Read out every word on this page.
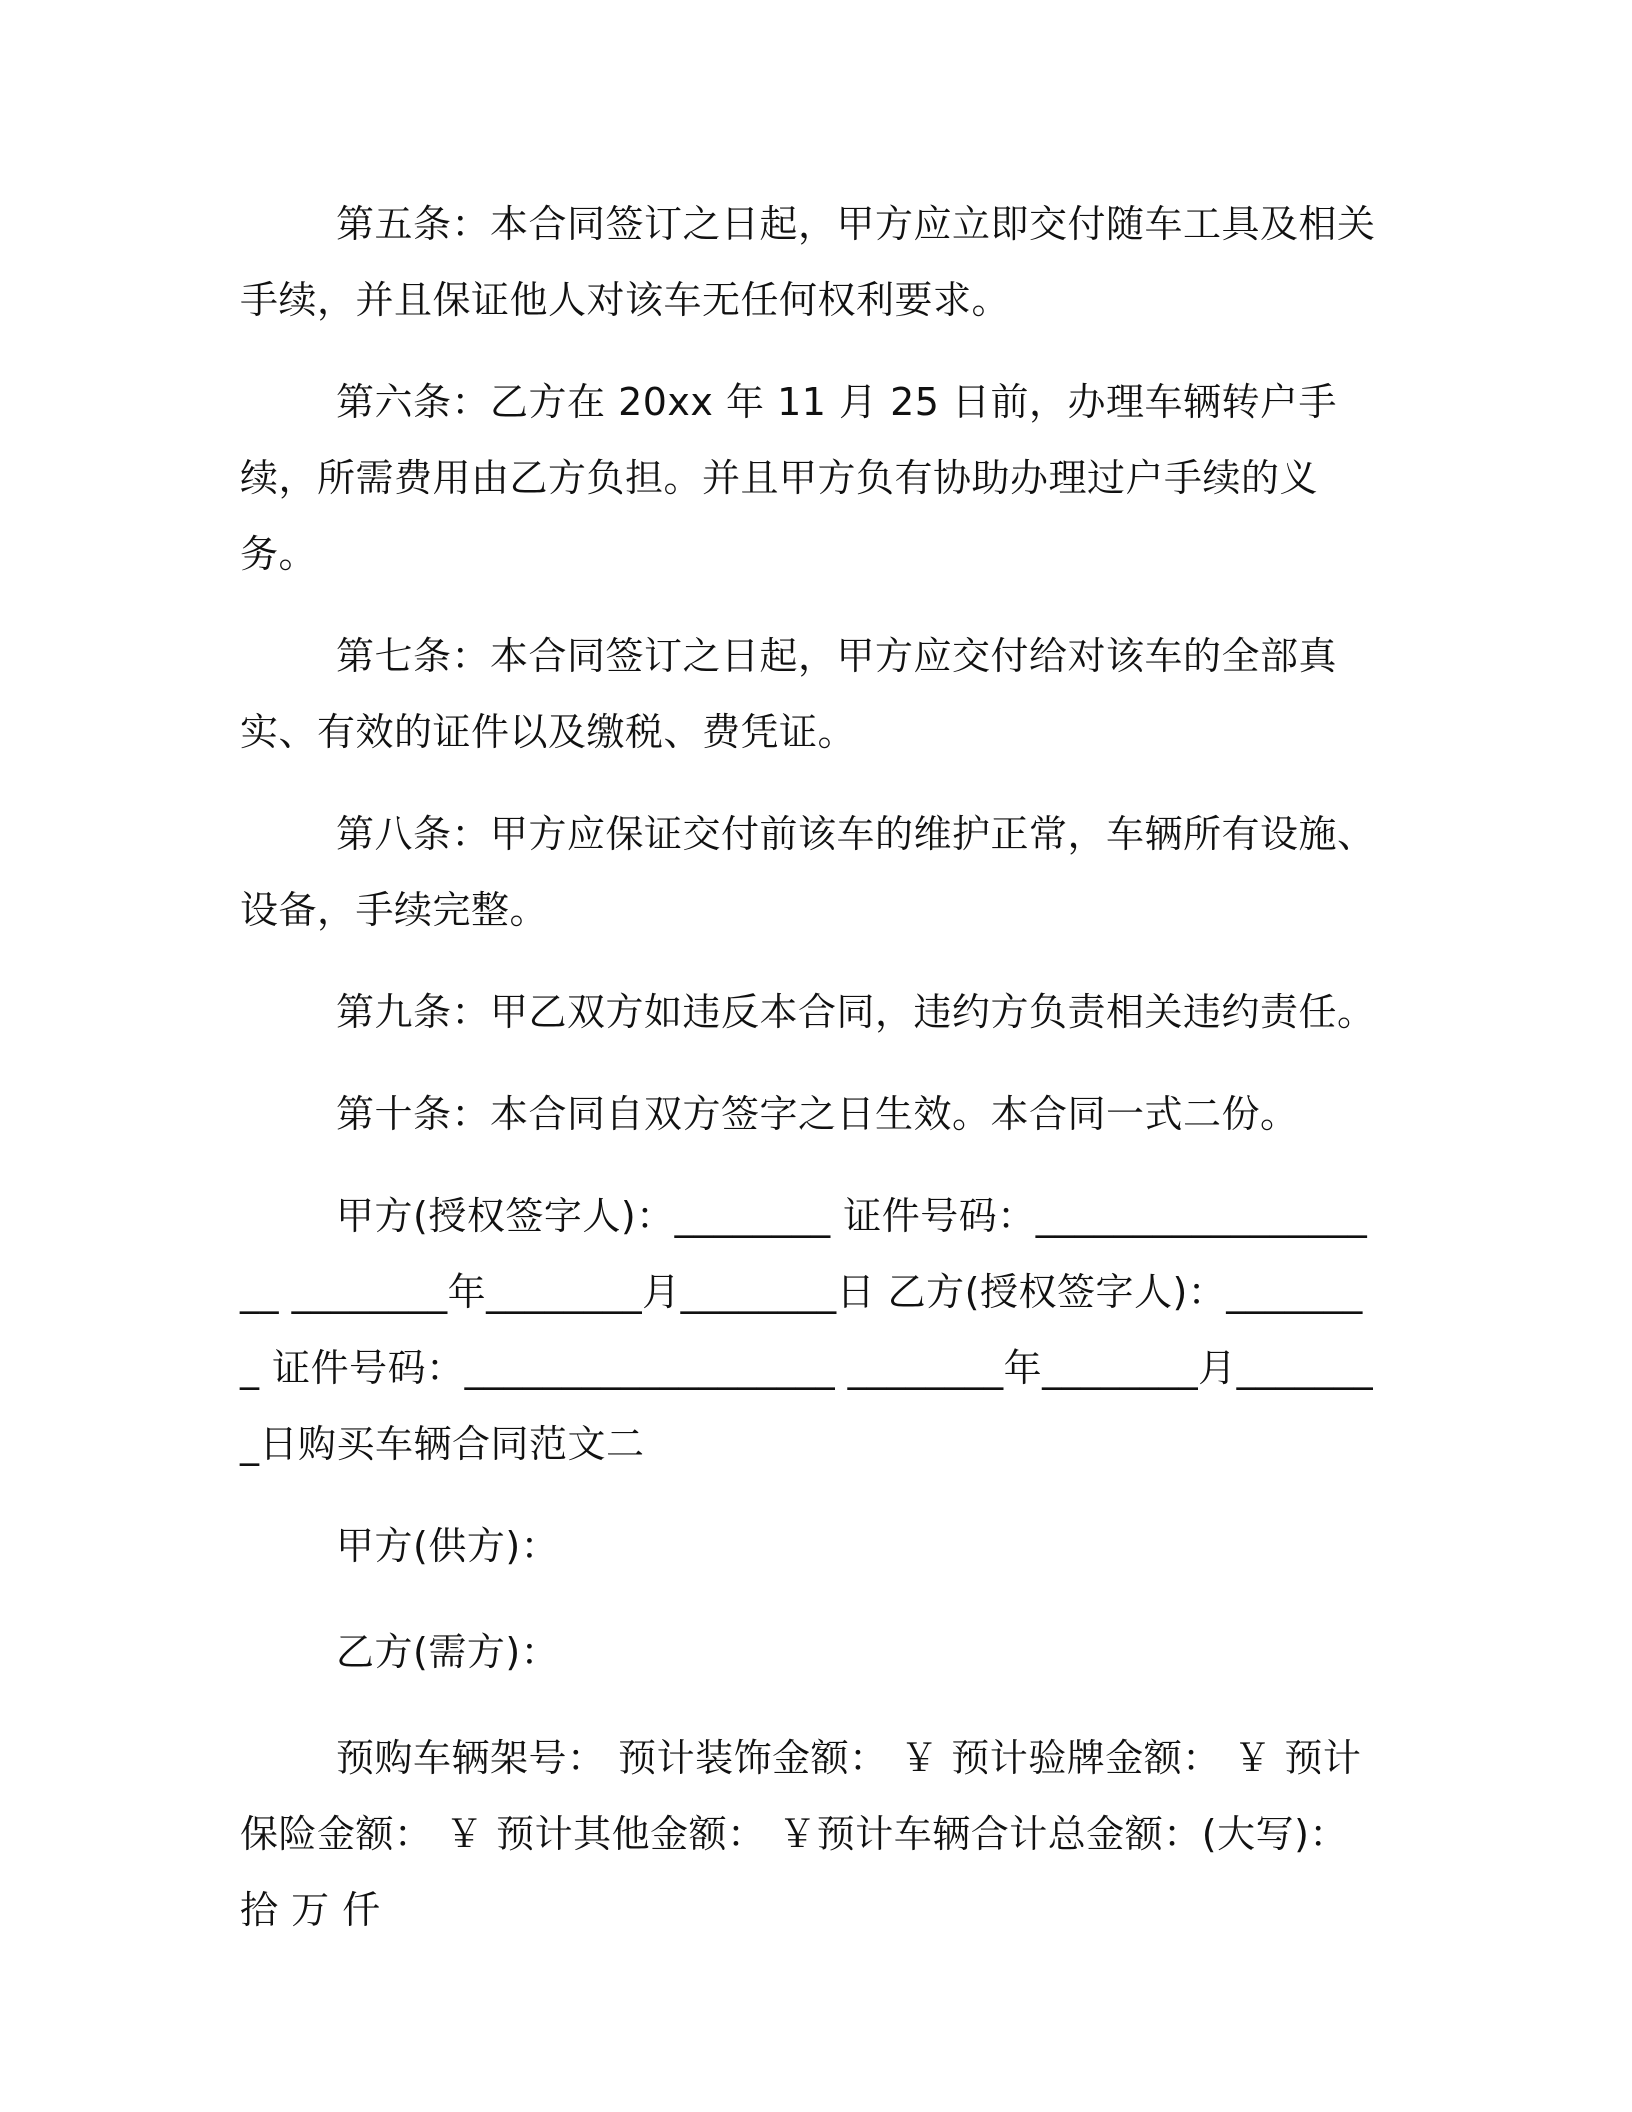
第五条：本合同签订之日起，甲方应立即交付随车工具及相关手续，并且保证他人对该车无任何权利要求。

第六条：乙方在 20xx 年 11 月 25 日前，办理车辆转户手续，所需费用由乙方负担。并且甲方负有协助办理过户手续的义务。

第七条：本合同签订之日起，甲方应交付给对该车的全部真实、有效的证件以及缴税、费凭证。

第八条：甲方应保证交付前该车的维护正常，车辆所有设施、设备，手续完整。

第九条：甲乙双方如违反本合同，违约方负责相关违约责任。

第十条：本合同自双方签字之日生效。本合同一式二份。

甲方(授权签字人)：________ 证件号码：___________________ ________年________月________日 乙方(授权签字人)：________ 证件号码：___________________ ________年________月________日购买车辆合同范文二

甲方(供方)：

乙方(需方)：

预购车辆架号： 预计装饰金额： ￥ 预计验牌金额： ￥ 预计保险金额： ￥ 预计其他金额： ￥预计车辆合计总金额：(大写)： 拾 万 仟
